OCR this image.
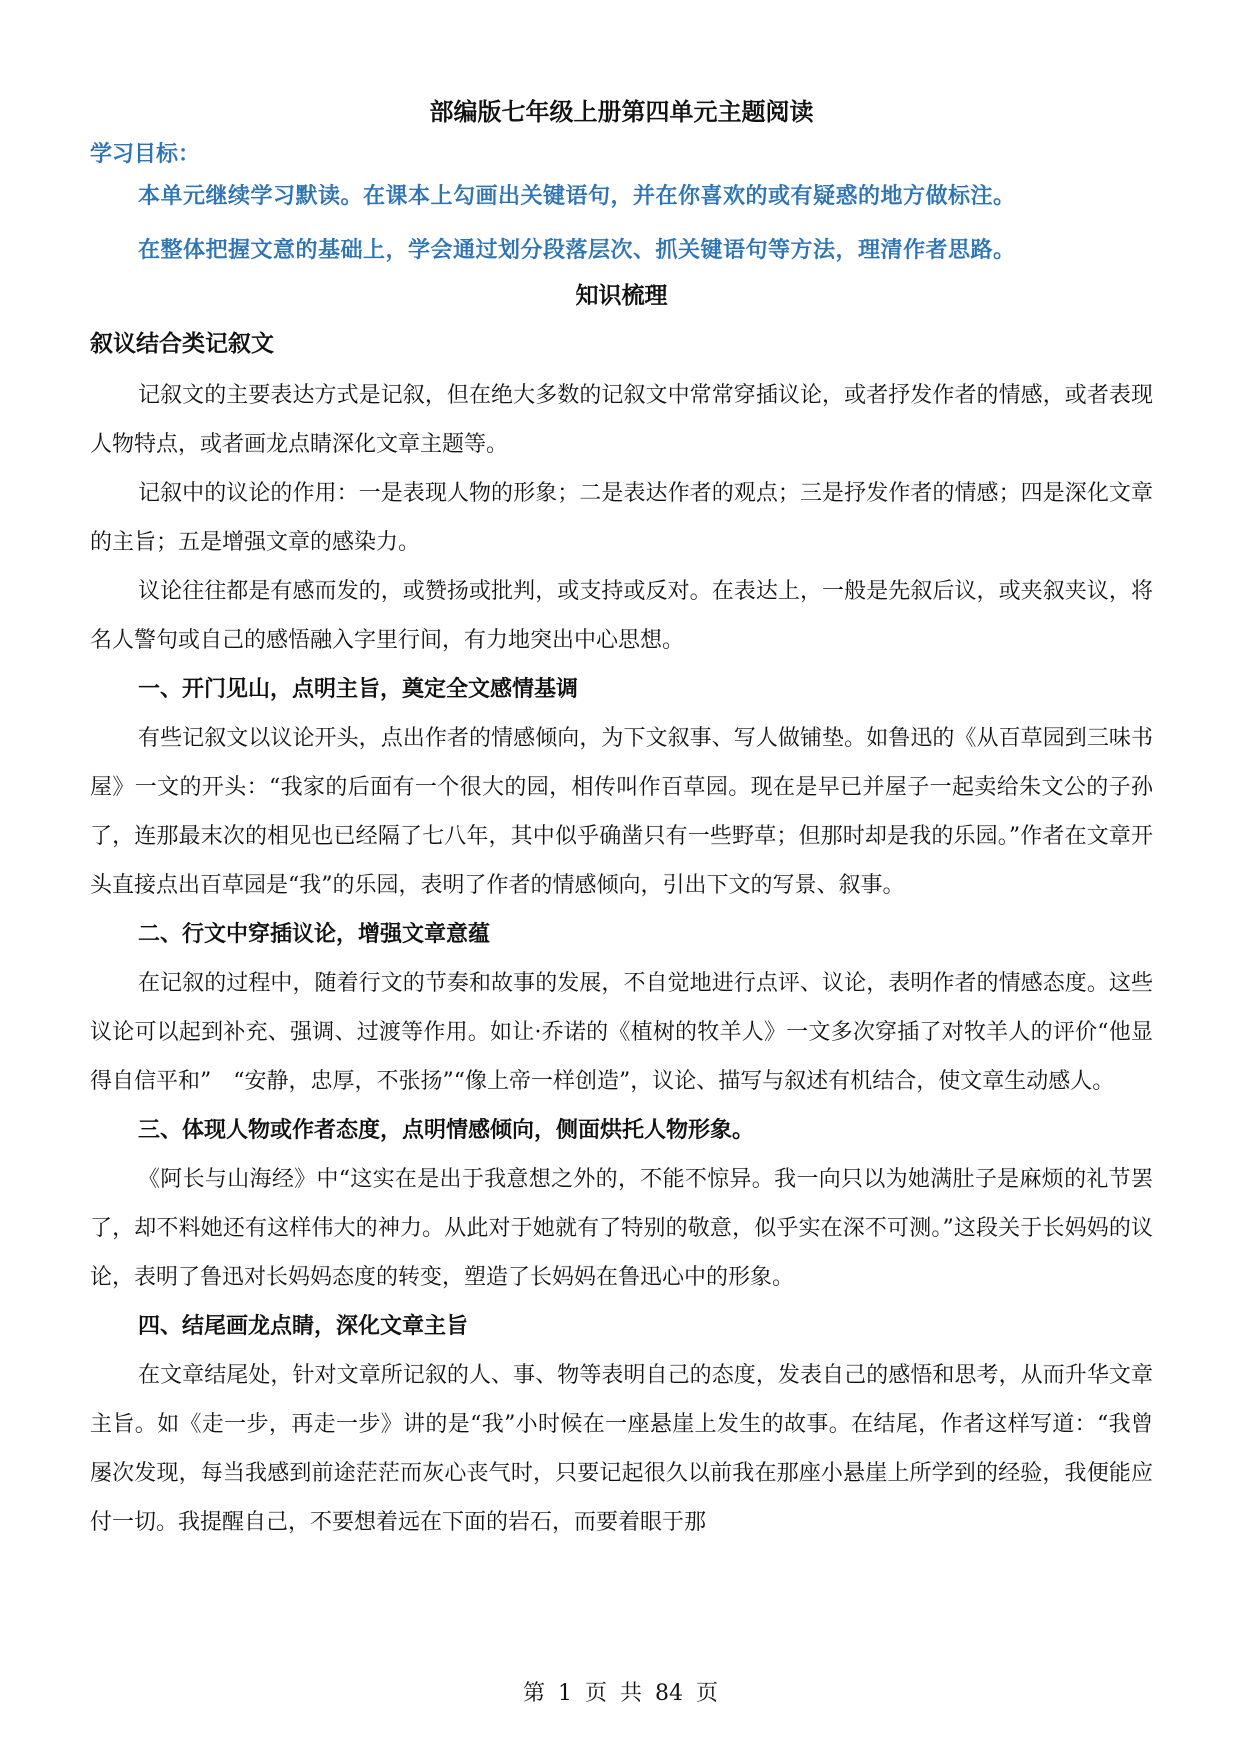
部编版七年级上册第四单元主题阅读
学习目标：

本单元继续学习默读。在课本上勾画出关键语句，并在你喜欢的或有疑惑的地方做标注。

在整体把握文意的基础上，学会通过划分段落层次、抓关键语句等方法，理清作者思路。

知识梳理
叙议结合类记叙文

记叙文的主要表达方式是记叙，但在绝大多数的记叙文中常常穿插议论，或者抒发作者的情感，或者表现人物特点，或者画龙点睛深化文章主题等。

记叙中的议论的作用：一是表现人物的形象；二是表达作者的观点；三是抒发作者的情感；四是深化文章的主旨；五是增强文章的感染力。

议论往往都是有感而发的，或赞扬或批判，或支持或反对。在表达上，一般是先叙后议，或夹叙夹议，将名人警句或自己的感悟融入字里行间，有力地突出中心思想。

一、开门见山，点明主旨，奠定全文感情基调

有些记叙文以议论开头，点出作者的情感倾向，为下文叙事、写人做铺垫。如鲁迅的《从百草园到三味书屋》一文的开头：“我家的后面有一个很大的园，相传叫作百草园。现在是早已并屋子一起卖给朱文公的子孙了，连那最末次的相见也已经隔了七八年，其中似乎确凿只有一些野草；但那时却是我的乐园。”作者在文章开头直接点出百草园是“我”的乐园，表明了作者的情感倾向，引出下文的写景、叙事。

二、行文中穿插议论，增强文章意蕴

在记叙的过程中，随着行文的节奏和故事的发展，不自觉地进行点评、议论，表明作者的情感态度。这些议论可以起到补充、强调、过渡等作用。如让·乔诺的《植树的牧羊人》一文多次穿插了对牧羊人的评价“他显得自信平和”　“安静，忠厚，不张扬”“像上帝一样创造”，议论、描写与叙述有机结合，使文章生动感人。

三、体现人物或作者态度，点明情感倾向，侧面烘托人物形象。

《阿长与山海经》中“这实在是出于我意想之外的，不能不惊异。我一向只以为她满肚子是麻烦的礼节罢了，却不料她还有这样伟大的神力。从此对于她就有了特别的敬意，似乎实在深不可测。”这段关于长妈妈的议论，表明了鲁迅对长妈妈态度的转变，塑造了长妈妈在鲁迅心中的形象。

四、结尾画龙点睛，深化文章主旨

在文章结尾处，针对文章所记叙的人、事、物等表明自己的态度，发表自己的感悟和思考，从而升华文章主旨。如《走一步，再走一步》讲的是“我”小时候在一座悬崖上发生的故事。在结尾，作者这样写道：“我曾屡次发现，每当我感到前途茫茫而灰心丧气时，只要记起很久以前我在那座小悬崖上所学到的经验，我便能应付一切。我提醒自己，不要想着远在下面的岩石，而要着眼于那

第 1 页 共 84 页
